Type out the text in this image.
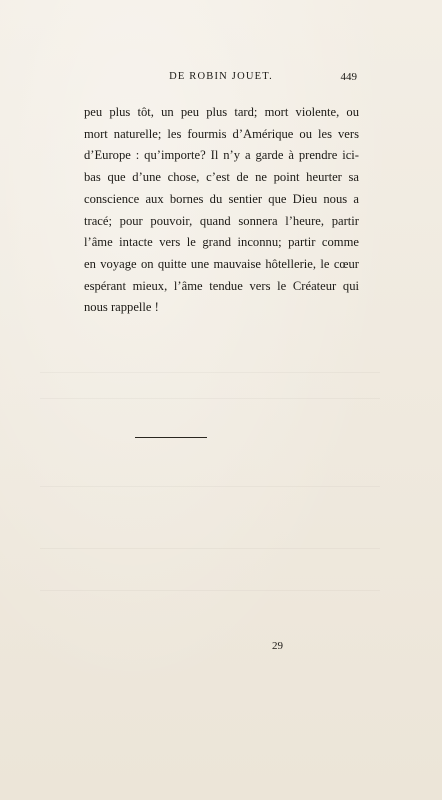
DE ROBIN JOUET.	449
peu plus tôt, un peu plus tard; mort violente, ou
mort naturelle; les fourmis d’Amérique ou les vers
d’Europe : qu’importe? Il n’y a garde à prendre ici-
bas que d’une chose, c’est de ne point heurter sa
conscience aux bornes du sentier que Dieu nous a
tracé; pour pouvoir, quand sonnera l’heure, partir
l’âme intacte vers le grand inconnu; partir comme
en voyage on quitte une mauvaise hôtellerie, le cœur
espérant mieux, l’âme tendue vers le Créateur qui
nous rappelle !
29
